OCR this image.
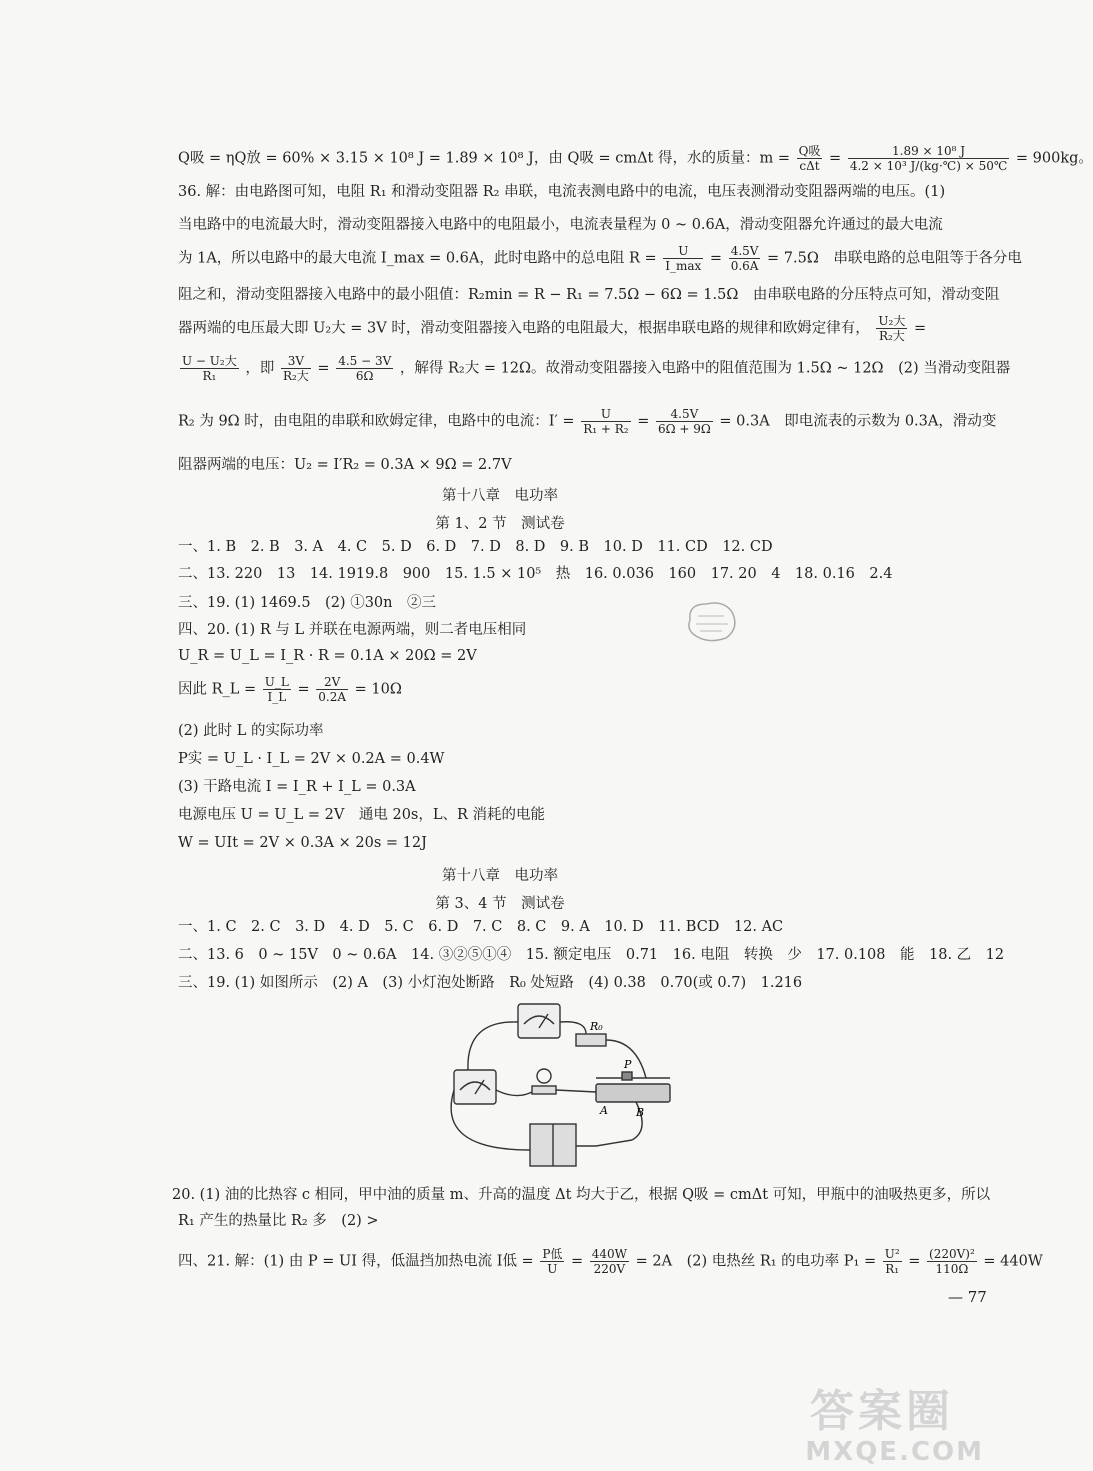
Q吸 = ηQ放 = 60% × 3.15 × 10⁸ J = 1.89 × 10⁸ J，由 Q吸 = cmΔt 得，水的质量：$m = \frac{\text{Q吸}}{\text{cΔt}} = \frac{\text{1.89 × 10⁸ J}}{\text{4.2 × 10³ J/(kg·℃) × 50℃}} = 900kg$。
36. 解：由电路图可知，电阻 R₁ 和滑动变阻器 R₂ 串联，电流表测电路中的电流，电压表测滑动变阻器两端的电压。(1)
当电路中的电流最大时，滑动变阻器接入电路中的电阻最小，电流表量程为 0 ~ 0.6A，滑动变阻器允许通过的最大电流
为 1A，所以电路中的最大电流 I_max = 0.6A，此时电路中的总电阻 $R = \frac{U}{I\_\max} = \frac{4.5V}{0.6A} = 7.5\Omega$　串联电路的总电阻等于各分电
阻之和，滑动变阻器接入电路中的最小阻值：R₂min = R − R₁ = 7.5Ω − 6Ω = 1.5Ω　由串联电路的分压特点可知，滑动变阻
器两端的电压最大即 U₂大 = 3V 时，滑动变阻器接入电路的电阻最大，根据串联电路的规律和欧姆定律有， $\frac{\text{U₂大}}{\text{R₂大}}$ =
$\frac{\text{U − U₂大}}{\text{R₁}}$ ，即 $\frac{3V}{\text{R₂大}} = \frac{4.5 - 3V}{6\Omega}$ ，解得 R₂大 = 12Ω。故滑动变阻器接入电路中的阻值范围为 1.5Ω ~ 12Ω　(2) 当滑动变阻器
R₂ 为 9Ω 时，由电阻的串联和欧姆定律，电路中的电流：$I' = \frac{U}{\text{R₁ + R₂}} = \frac{4.5V}{6\Omega + 9\Omega} = 0.3A$　即电流表的示数为 0.3A，滑动变
阻器两端的电压：U₂ = I′R₂ = 0.3A × 9Ω = 2.7V
第十八章　电功率
第 1、2 节　测试卷
一、1. B　2. B　3. A　4. C　5. D　6. D　7. D　8. D　9. B　10. D　11. CD　12. CD
二、13. 220　13　14. 1919.8　900　15. 1.5 × 10⁵　热　16. 0.036　160　17. 20　4　18. 0.16　2.4
三、19. (1) 1469.5　(2) ①30n　②三
四、20. (1) R 与 L 并联在电源两端，则二者电压相同
U_R = U_L = I_R · R = 0.1A × 20Ω = 2V
因此 R_L = $\frac{U\_L}{I\_L} = \frac{2V}{0.2A} = 10\Omega$
(2) 此时 L 的实际功率
P实 = U_L · I_L = 2V × 0.2A = 0.4W
(3) 干路电流 I = I_R + I_L = 0.3A
电源电压 U = U_L = 2V　通电 20s，L、R 消耗的电能
W = UIt = 2V × 0.3A × 20s = 12J
第十八章　电功率
第 3、4 节　测试卷
一、1. C　2. C　3. D　4. D　5. C　6. D　7. C　8. C　9. A　10. D　11. BCD　12. AC
二、13. 6　0 ~ 15V　0 ~ 0.6A　14. ③②⑤①④　15. 额定电压　0.71　16. 电阻　转换　少　17. 0.108　能　18. 乙　12
三、19. (1) 如图所示　(2) A　(3) 小灯泡处断路　R₀ 处短路　(4) 0.38　0.70(或 0.7)　1.216
R₀
P
A	B
20. (1) 油的比热容 c 相同，甲中油的质量 m、升高的温度 Δt 均大于乙，根据 Q吸 = cmΔt 可知，甲瓶中的油吸热更多，所以
R₁ 产生的热量比 R₂ 多　(2) >
四、21. 解：(1) 由 P = UI 得，低温挡加热电流 I低 = $\frac{\text{P低}}{U} = \frac{440W}{220V} = 2A$　(2) 电热丝 R₁ 的电功率 $P_1 = \frac{\text{U²}}{\text{R₁}} = \frac{\text{(220V)²}}{110\Omega} = 440W$
— 77
答案圈
MXQE.COM
